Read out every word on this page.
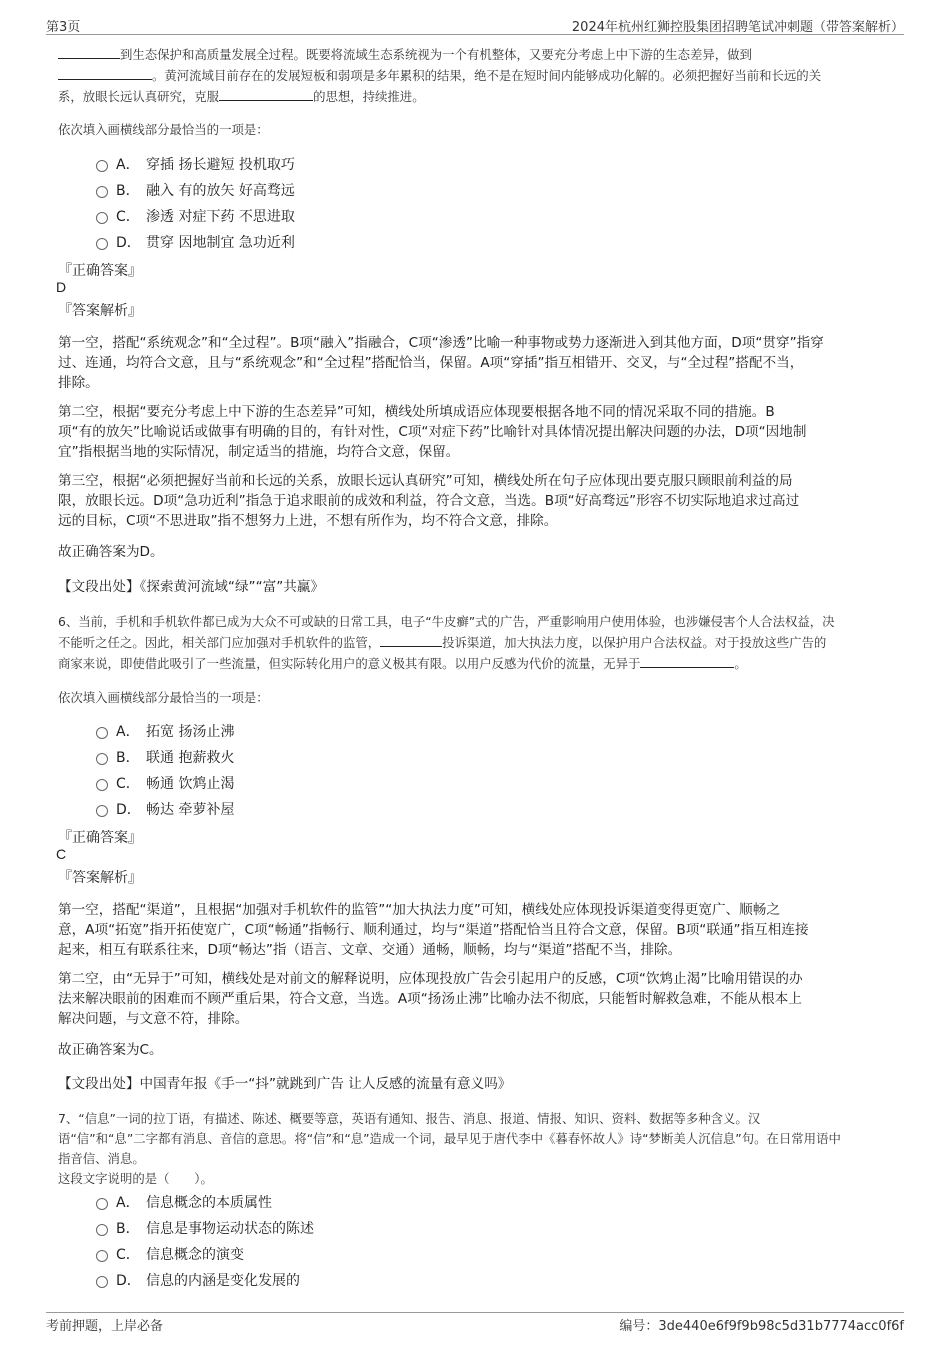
第3页	2024年杭州红狮控股集团招聘笔试冲刺题（带答案解析）
到生态保护和高质量发展全过程。既要将流域生态系统视为一个有机整体，又要充分考虑上中下游的生态差异，做到
。黄河流域目前存在的发展短板和弱项是多年累积的结果，绝不是在短时间内能够成功化解的。必须把握好当前和长远的关
系，放眼长远认真研究，克服	的思想，持续推进。
依次填入画横线部分最恰当的一项是：
A． 穿插 扬长避短 投机取巧
B． 融入 有的放矢 好高骛远
C． 渗透 对症下药 不思进取
D． 贯穿 因地制宜 急功近利
『正确答案』
D
『答案解析』
第一空，搭配“系统观念”和“全过程”。B项“融入”指融合，C项“渗透”比喻一种事物或势力逐渐进入到其他方面，D项“贯穿”指穿
过、连通，均符合文意，且与“系统观念”和“全过程”搭配恰当，保留。A项“穿插”指互相错开、交叉，与“全过程”搭配不当，
排除。
第二空，根据“要充分考虑上中下游的生态差异”可知，横线处所填成语应体现要根据各地不同的情况采取不同的措施。B
项“有的放矢”比喻说话或做事有明确的目的，有针对性，C项“对症下药”比喻针对具体情况提出解决问题的办法，D项“因地制
宜”指根据当地的实际情况，制定适当的措施，均符合文意，保留。
第三空，根据“必须把握好当前和长远的关系，放眼长远认真研究”可知，横线处所在句子应体现出要克服只顾眼前利益的局
限，放眼长远。D项“急功近利”指急于追求眼前的成效和利益，符合文意，当选。B项“好高骛远”形容不切实际地追求过高过
远的目标，C项“不思进取”指不想努力上进，不想有所作为，均不符合文意，排除。
故正确答案为D。
【文段出处】《探索黄河流域“绿”“富”共赢》
6、当前，手机和手机软件都已成为大众不可或缺的日常工具，电子“牛皮癣”式的广告，严重影响用户使用体验，也涉嫌侵害个人合法权益，决
不能听之任之。因此，相关部门应加强对手机软件的监管，	投诉渠道，加大执法力度，以保护用户合法权益。对于投放这些广告的
商家来说，即使借此吸引了一些流量，但实际转化用户的意义极其有限。以用户反感为代价的流量，无异于	。
依次填入画横线部分最恰当的一项是：
A． 拓宽 扬汤止沸
B． 联通 抱薪救火
C． 畅通 饮鸩止渴
D． 畅达 牵萝补屋
『正确答案』
C
『答案解析』
第一空，搭配“渠道”，且根据“加强对手机软件的监管”“加大执法力度”可知，横线处应体现投诉渠道变得更宽广、顺畅之
意，A项“拓宽”指开拓使宽广，C项“畅通”指畅行、顺利通过，均与“渠道”搭配恰当且符合文意，保留。B项“联通”指互相连接
起来，相互有联系往来，D项“畅达”指（语言、文章、交通）通畅，顺畅，均与“渠道”搭配不当，排除。
第二空，由“无异于”可知，横线处是对前文的解释说明，应体现投放广告会引起用户的反感，C项“饮鸩止渴”比喻用错误的办
法来解决眼前的困难而不顾严重后果，符合文意，当选。A项“扬汤止沸”比喻办法不彻底，只能暂时解救急难，不能从根本上
解决问题，与文意不符，排除。
故正确答案为C。
【文段出处】中国青年报《手一“抖”就跳到广告 让人反感的流量有意义吗》
7、“信息”一词的拉丁语，有描述、陈述、概要等意，英语有通知、报告、消息、报道、情报、知识、资料、数据等多种含义。汉
语“信”和“息”二字都有消息、音信的意思。将“信”和“息”造成一个词，最早见于唐代李中《暮春怀故人》诗“梦断美人沉信息”句。在日常用语中
指音信、消息。
这段文字说明的是（　　）。
A． 信息概念的本质属性
B． 信息是事物运动状态的陈述
C． 信息概念的演变
D． 信息的内涵是变化发展的
考前押题，上岸必备	编号：3de440e6f9f9b98c5d31b7774acc0f6f
